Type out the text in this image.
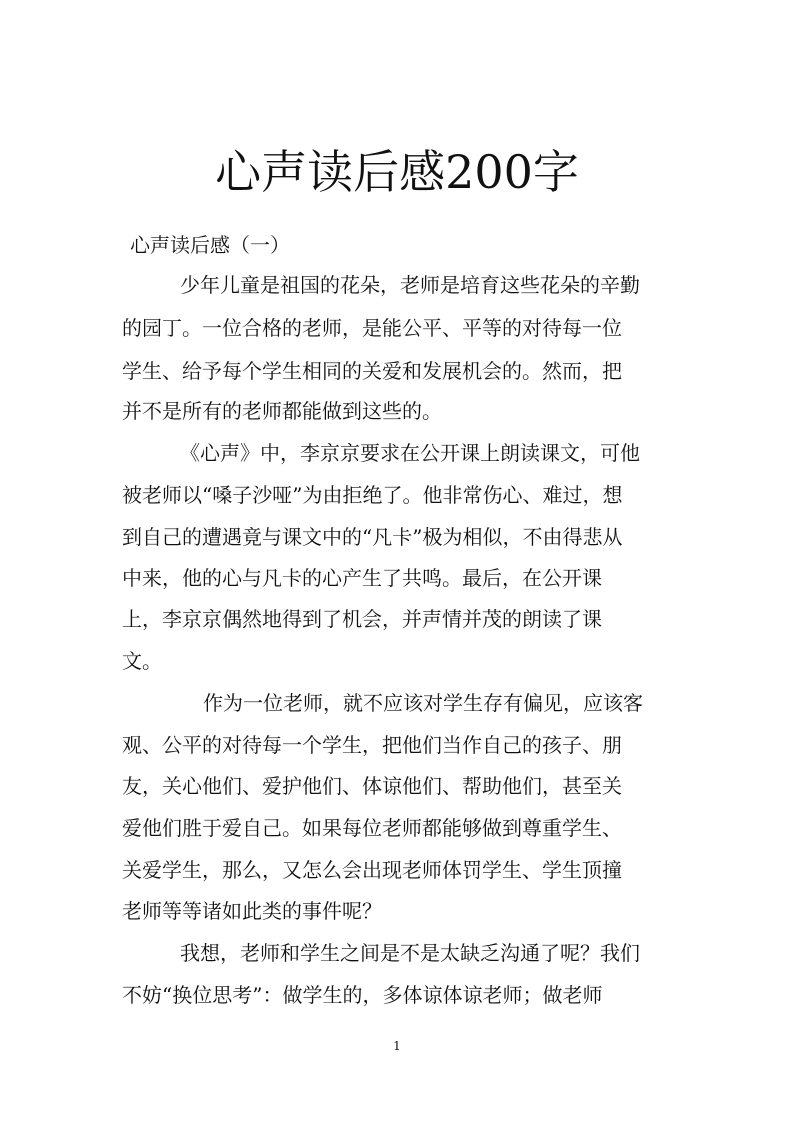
心声读后感200字
心声读后感（一）

少年儿童是祖国的花朵，老师是培育这些花朵的辛勤

的园丁。一位合格的老师，是能公平、平等的对待每一位

学生、给予每个学生相同的关爱和发展机会的。然而，把

并不是所有的老师都能做到这些的。

《心声》中，李京京要求在公开课上朗读课文，可他

被老师以“嗓子沙哑”为由拒绝了。他非常伤心、难过，想

到自己的遭遇竟与课文中的“凡卡”极为相似，不由得悲从

中来，他的心与凡卡的心产生了共鸣。最后，在公开课

上，李京京偶然地得到了机会，并声情并茂的朗读了课

文。

作为一位老师，就不应该对学生存有偏见，应该客

观、公平的对待每一个学生，把他们当作自己的孩子、朋

友，关心他们、爱护他们、体谅他们、帮助他们，甚至关

爱他们胜于爱自己。如果每位老师都能够做到尊重学生、

关爱学生，那么，又怎么会出现老师体罚学生、学生顶撞

老师等等诸如此类的事件呢？

我想，老师和学生之间是不是太缺乏沟通了呢？我们

不妨“换位思考”：做学生的，多体谅体谅老师；做老师

1
